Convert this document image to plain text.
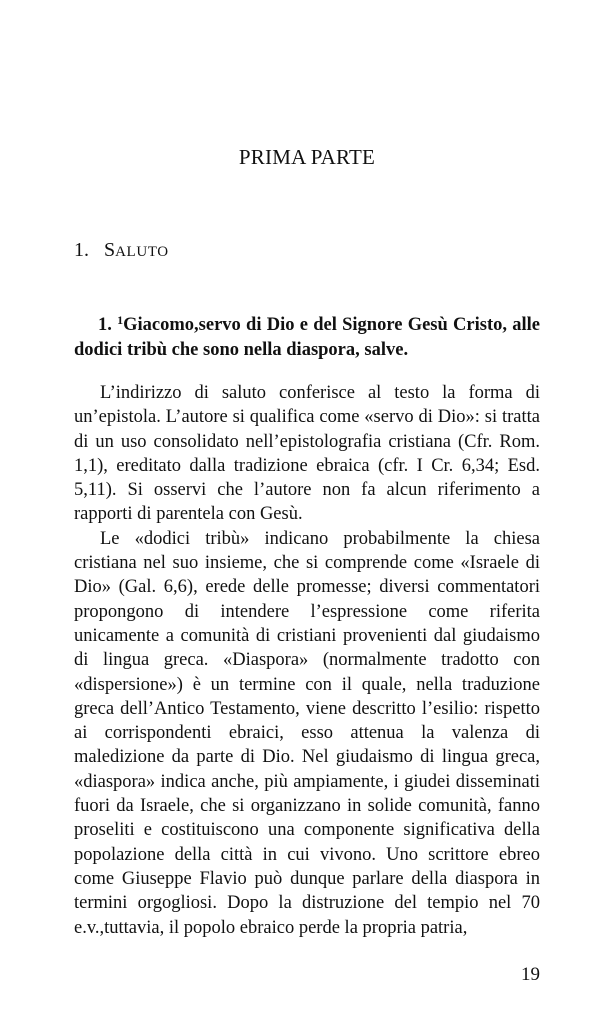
PRIMA PARTE
1. SALUTO
1. $^1$Giacomo,servo di Dio e del Signore Gesù Cristo, alle dodici tribù che sono nella diaspora, salve.

L’indirizzo di saluto conferisce al testo la forma di un’epistola. L’autore si qualifica come «servo di Dio»: si tratta di un uso consolidato nell’epistolografia cristiana (Cfr. Rom. 1,1), ereditato dalla tradizione ebraica (cfr. I Cr. 6,34; Esd. 5,11). Si osservi che l’autore non fa alcun riferimento a rapporti di parentela con Gesù.

Le «dodici tribù» indicano probabilmente la chiesa cristiana nel suo insieme, che si comprende come «Israele di Dio» (Gal. 6,6), erede delle promesse; diversi commentatori propongono di intendere l’espressione come riferita unicamente a comunità di cristiani provenienti dal giudaismo di lingua greca. «Diaspora» (normalmente tradotto con «dispersione») è un termine con il quale, nella traduzione greca dell’Antico Testamento, viene descritto l’esilio: rispetto ai corrispondenti ebraici, esso attenua la valenza di maledizione da parte di Dio. Nel giudaismo di lingua greca, «diaspora» indica anche, più ampiamente, i giudei disseminati fuori da Israele, che si organizzano in solide comunità, fanno proseliti e costituiscono una componente significativa della popolazione della città in cui vivono. Uno scrittore ebreo come Giuseppe Flavio può dunque parlare della diaspora in termini orgogliosi. Dopo la distruzione del tempio nel 70 e.v.,tuttavia, il popolo ebraico perde la propria patria,

19
